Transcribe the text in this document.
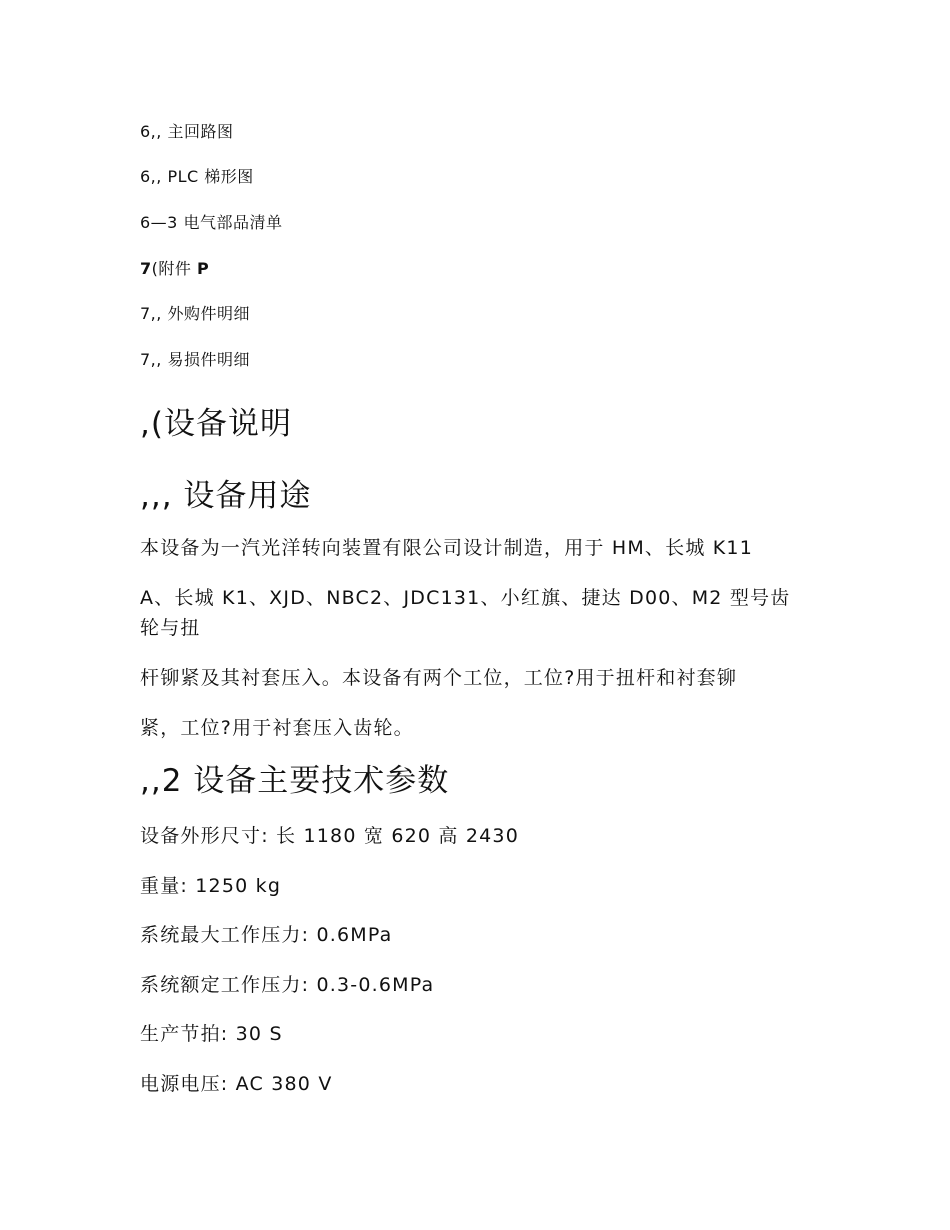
6,, 主回路图
6,, PLC 梯形图
6—3 电气部品清单
7(附件 P
7,, 外购件明细
7,, 易损件明细
,(设备说明
,,, 设备用途
本设备为一汽光洋转向装置有限公司设计制造，用于 HM、长城 K11
A、长城 K1、XJD、NBC2、JDC131、小红旗、捷达 D00、M2 型号齿
轮与扭
杆铆紧及其衬套压入。本设备有两个工位，工位?用于扭杆和衬套铆
紧，工位?用于衬套压入齿轮。
,,2 设备主要技术参数
设备外形尺寸: 长 1180 宽 620 高 2430
重量: 1250 kg
系统最大工作压力: 0.6MPa
系统额定工作压力: 0.3-0.6MPa
生产节拍: 30 S
电源电压: AC 380 V
